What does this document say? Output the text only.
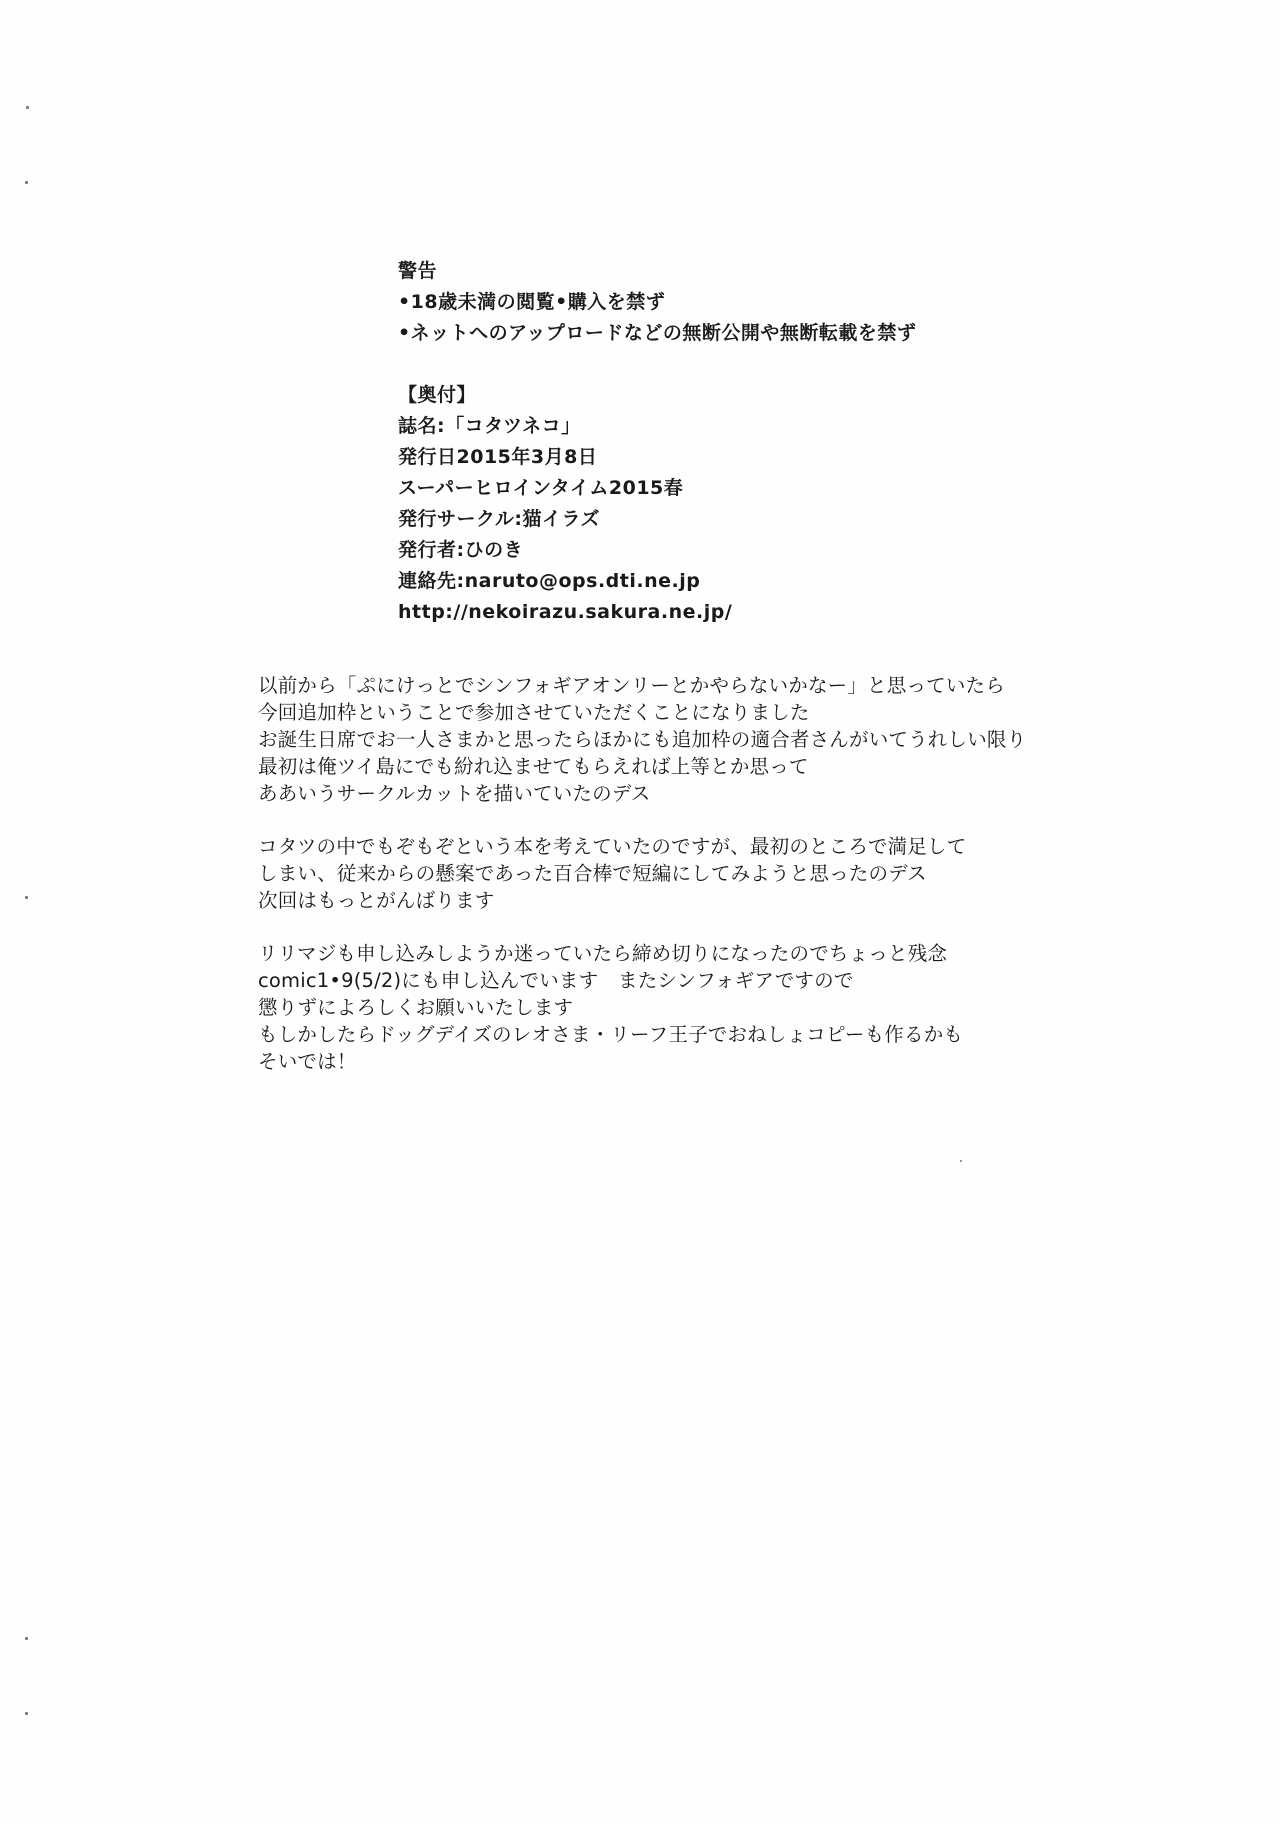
警告
•18歳未満の閲覧•購入を禁ず
•ネットへのアップロードなどの無断公開や無断転載を禁ず
【奥付】
誌名:「コタツネコ」
発行日2015年3月8日
スーパーヒロインタイム2015春
発行サークル:猫イラズ
発行者:ひのき
連絡先:naruto@ops.dti.ne.jp
http://nekoirazu.sakura.ne.jp/
以前から「ぷにけっとでシンフォギアオンリーとかやらないかなー」と思っていたら
今回追加枠ということで参加させていただくことになりました
お誕生日席でお一人さまかと思ったらほかにも追加枠の適合者さんがいてうれしい限り
最初は俺ツイ島にでも紛れ込ませてもらえれば上等とか思って
ああいうサークルカットを描いていたのデス
コタツの中でもぞもぞという本を考えていたのですが、最初のところで満足して
しまい、従来からの懸案であった百合棒で短編にしてみようと思ったのデス
次回はもっとがんばります
リリマジも申し込みしようか迷っていたら締め切りになったのでちょっと残念
comic1•9(5/2)にも申し込んでいます　またシンフォギアですので
懲りずによろしくお願いいたします
もしかしたらドッグデイズのレオさま・リーフ王子でおねしょコピーも作るかも
そいでは！
